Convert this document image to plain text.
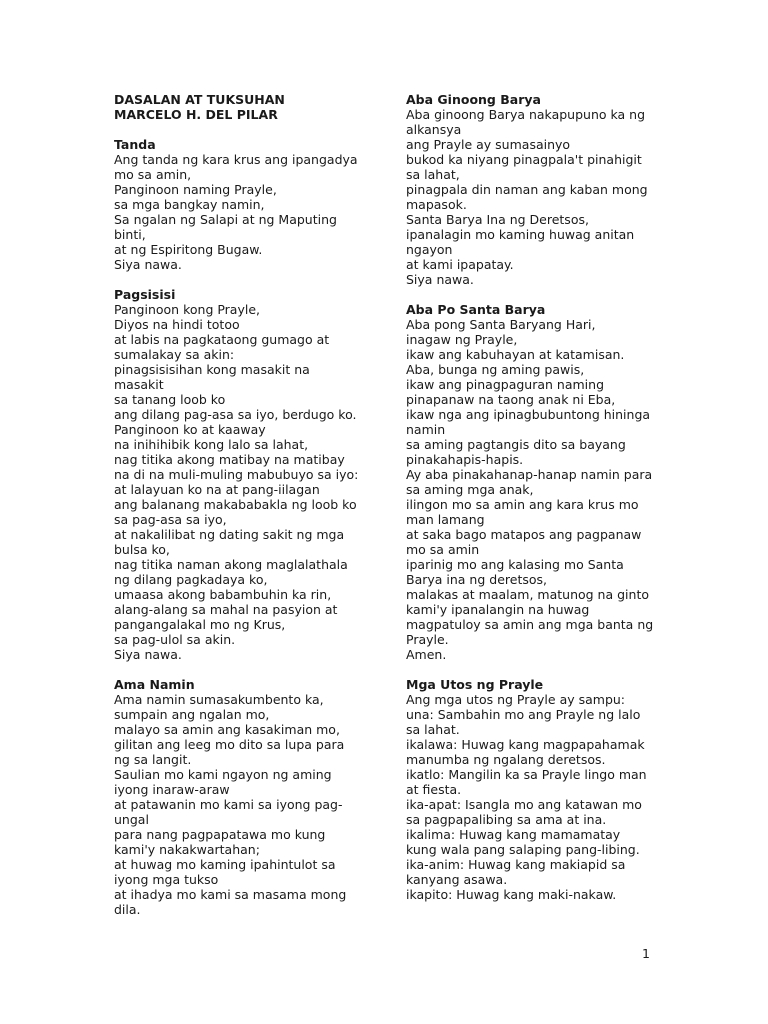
DASALAN AT TUKSUHAN
MARCELO H. DEL PILAR
Tanda
Ang tanda ng kara krus ang ipangadya
mo sa amin,
Panginoon naming Prayle,
sa mga bangkay namin,
Sa ngalan ng Salapi at ng Maputing
binti,
at ng Espiritong Bugaw.
Siya nawa.
Pagsisisi
Panginoon kong Prayle,
Diyos na hindi totoo
at labis na pagkataong gumago at
sumalakay sa akin:
pinagsisisihan kong masakit na
masakit
sa tanang loob ko
ang dilang pag-asa sa iyo, berdugo ko.
Panginoon ko at kaaway
na inihihibik kong lalo sa lahat,
nag titika akong matibay na matibay
na di na muli-muling mabubuyo sa iyo:
at lalayuan ko na at pang-iilagan
ang balanang makababakla ng loob ko
sa pag-asa sa iyo,
at nakalilibat ng dating sakit ng mga
bulsa ko,
nag titika naman akong maglalathala
ng dilang pagkadaya ko,
umaasa akong babambuhin ka rin,
alang-alang sa mahal na pasyion at
pangangalakal mo ng Krus,
sa pag-ulol sa akin.
Siya nawa.
Ama Namin
Ama namin sumasakumbento ka,
sumpain ang ngalan mo,
malayo sa amin ang kasakiman mo,
gilitan ang leeg mo dito sa lupa para
ng sa langit.
Saulian mo kami ngayon ng aming
iyong inaraw-araw
at patawanin mo kami sa iyong pag-
ungal
para nang pagpapatawa mo kung
kami'y nakakwartahan;
at huwag mo kaming ipahintulot sa
iyong mga tukso
at ihadya mo kami sa masama mong
dila.
Aba Ginoong Barya
Aba ginoong Barya nakapupuno ka ng
alkansya
ang Prayle ay sumasainyo
bukod ka niyang pinagpala't pinahigit
sa lahat,
pinagpala din naman ang kaban mong
mapasok.
Santa Barya Ina ng Deretsos,
ipanalagin mo kaming huwag anitan
ngayon
at kami ipapatay.
Siya nawa.
Aba Po Santa Barya
Aba pong Santa Baryang Hari,
inagaw ng Prayle,
ikaw ang kabuhayan at katamisan.
Aba, bunga ng aming pawis,
ikaw ang pinagpaguran naming
pinapanaw na taong anak ni Eba,
ikaw nga ang ipinagbubuntong hininga
namin
sa aming pagtangis dito sa bayang
pinakahapis-hapis.
Ay aba pinakahanap-hanap namin para
sa aming mga anak,
ilingon mo sa amin ang kara krus mo
man lamang
at saka bago matapos ang pagpanaw
mo sa amin
iparinig mo ang kalasing mo Santa
Barya ina ng deretsos,
malakas at maalam, matunog na ginto
kami'y ipanalangin na huwag
magpatuloy sa amin ang mga banta ng
Prayle.
Amen.
Mga Utos ng Prayle
Ang mga utos ng Prayle ay sampu:
una: Sambahin mo ang Prayle ng lalo
sa lahat.
ikalawa: Huwag kang magpapahamak
manumba ng ngalang deretsos.
ikatlo: Mangilin ka sa Prayle lingo man
at fiesta.
ika-apat: Isangla mo ang katawan mo
sa pagpapalibing sa ama at ina.
ikalima: Huwag kang mamamatay
kung wala pang salaping pang-libing.
ika-anim: Huwag kang makiapid sa
kanyang asawa.
ikapito: Huwag kang maki-nakaw.
1
